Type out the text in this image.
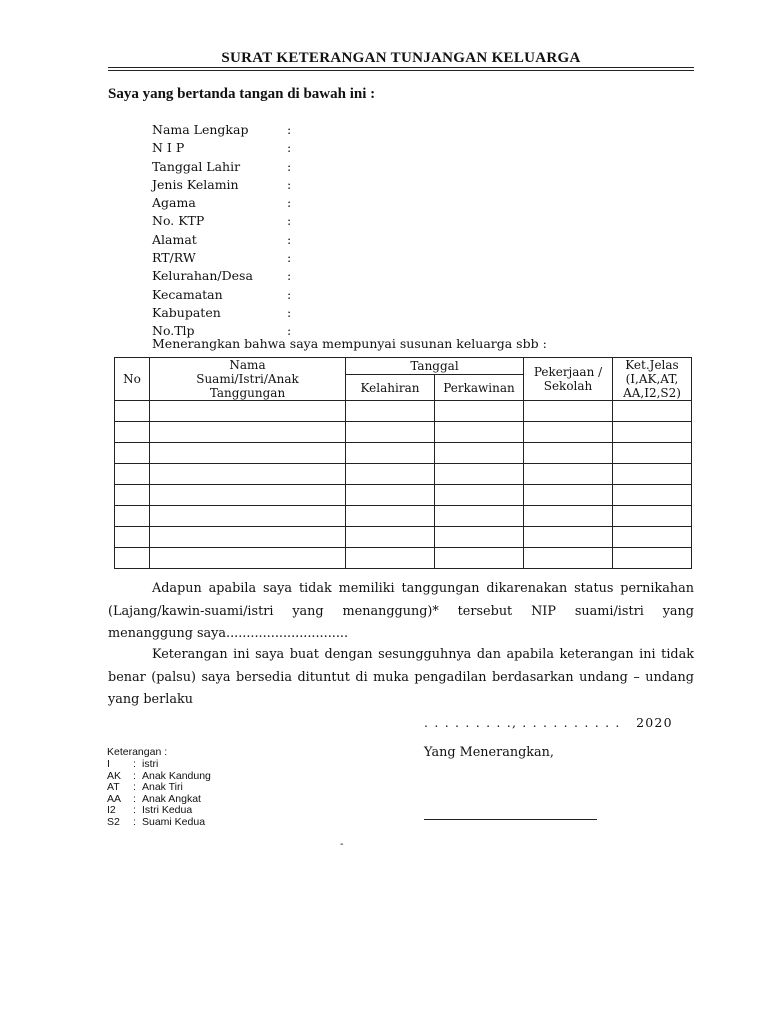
SURAT KETERANGAN TUNJANGAN KELUARGA
Saya yang bertanda tangan di bawah ini :
Nama Lengkap	:
N I P	:
Tanggal Lahir	:
Jenis Kelamin	:
Agama	:
No. KTP	:
Alamat	:
RT/RW	:
Kelurahan/Desa	:
Kecamatan	:
Kabupaten	:
No.Tlp	:
Menerangkan bahwa saya mempunyai susunan keluarga sbb :
No	Nama Suami/Istri/Anak Tanggungan	Tanggal		Pekerjaan / Sekolah	Ket.Jelas (I,AK,AT, AA,I2,S2)

		Kelahiran	Perkawinan		

Adapun apabila saya tidak memiliki tanggungan dikarenakan status pernikahan (Lajang/kawin-suami/istri yang menanggung)* tersebut NIP suami/istri yang menanggung saya..............................
Keterangan ini saya buat dengan sesungguhnya dan apabila keterangan ini tidak benar (palsu) saya bersedia dituntut di muka pengadilan berdasarkan undang – undang yang berlaku
. . . . . . . . ., . . . . . . . . . .   2020
Yang Menerangkan,
Keterangan :
I : istri
AK : Anak Kandung
AT : Anak Tiri
AA : Anak Angkat
I2 : Istri Kedua
S2 : Suami Kedua
-
